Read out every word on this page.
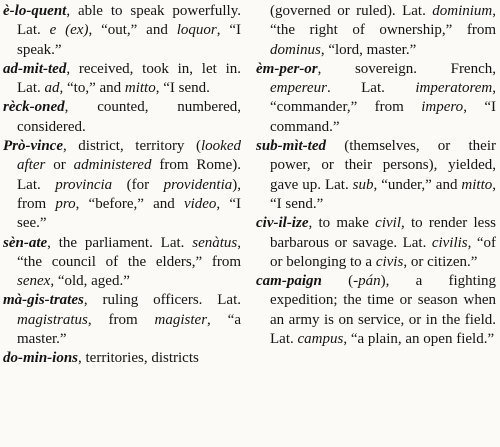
è-lo-quent, able to speak powerfully. Lat. e (ex), “out,” and loquor, “I speak.”

ad-mit-ted, received, took in, let in. Lat. ad, “to,” and mitto, “I send.

rèck-oned, counted, numbered, considered.

Prò-vince, district, territory (looked after or administered from Rome). Lat. provincia (for providentia), from pro, “before,” and video, “I see.”

sèn-ate, the parliament. Lat. senàtus, “the council of the elders,” from senex, “old, aged.”

mà-gis-trates, ruling officers. Lat. magistratus, from magister, “a master.”

do-min-ions, territories, districts

(governed or ruled). Lat. dominium, “the right of ownership,” from dominus, “lord, master.”

èm-per-or, sovereign. French, empereur. Lat. imperatorem, “commander,” from impero, “I command.”

sub-mìt-ted (themselves, or their power, or their persons), yielded, gave up. Lat. sub, “under,” and mitto, “I send.”

civ-il-ize, to make civil, to render less barbarous or savage. Lat. civilis, “of or belonging to a civis, or citizen.”

cam-paign (-pán), a fighting expedition; the time or season when an army is on service, or in the field. Lat. campus, “a plain, an open field.”
